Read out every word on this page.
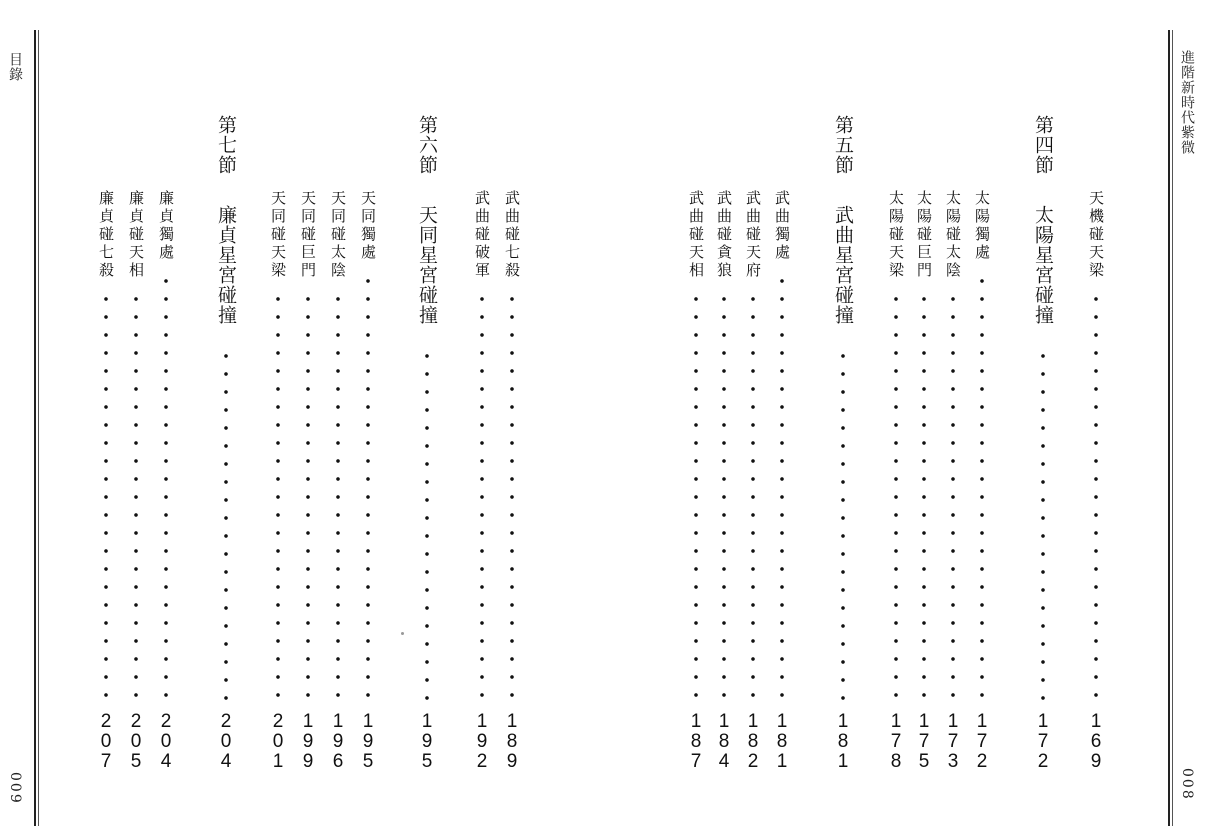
目錄
009
進階新時代紫微
008
廉貞碰七殺
2
0
7
廉貞碰天相
2
0
5
廉貞獨處
2
0
4
天同碰天梁
2
0
1
天同碰巨門
1
9
9
天同碰太陰
1
9
6
天同獨處
1
9
5
武曲碰破軍
1
9
2
武曲碰七殺
1
8
9
第七節
廉貞星宮碰撞
2
0
4
第六節
天同星宮碰撞
1
9
5
武曲碰天相
1
8
7
武曲碰貪狼
1
8
4
武曲碰天府
1
8
2
武曲獨處
1
8
1
太陽碰天梁
1
7
8
太陽碰巨門
1
7
5
太陽碰太陰
1
7
3
太陽獨處
1
7
2
天機碰天梁
1
6
9
第五節
武曲星宮碰撞
1
8
1
第四節
太陽星宮碰撞
1
7
2
